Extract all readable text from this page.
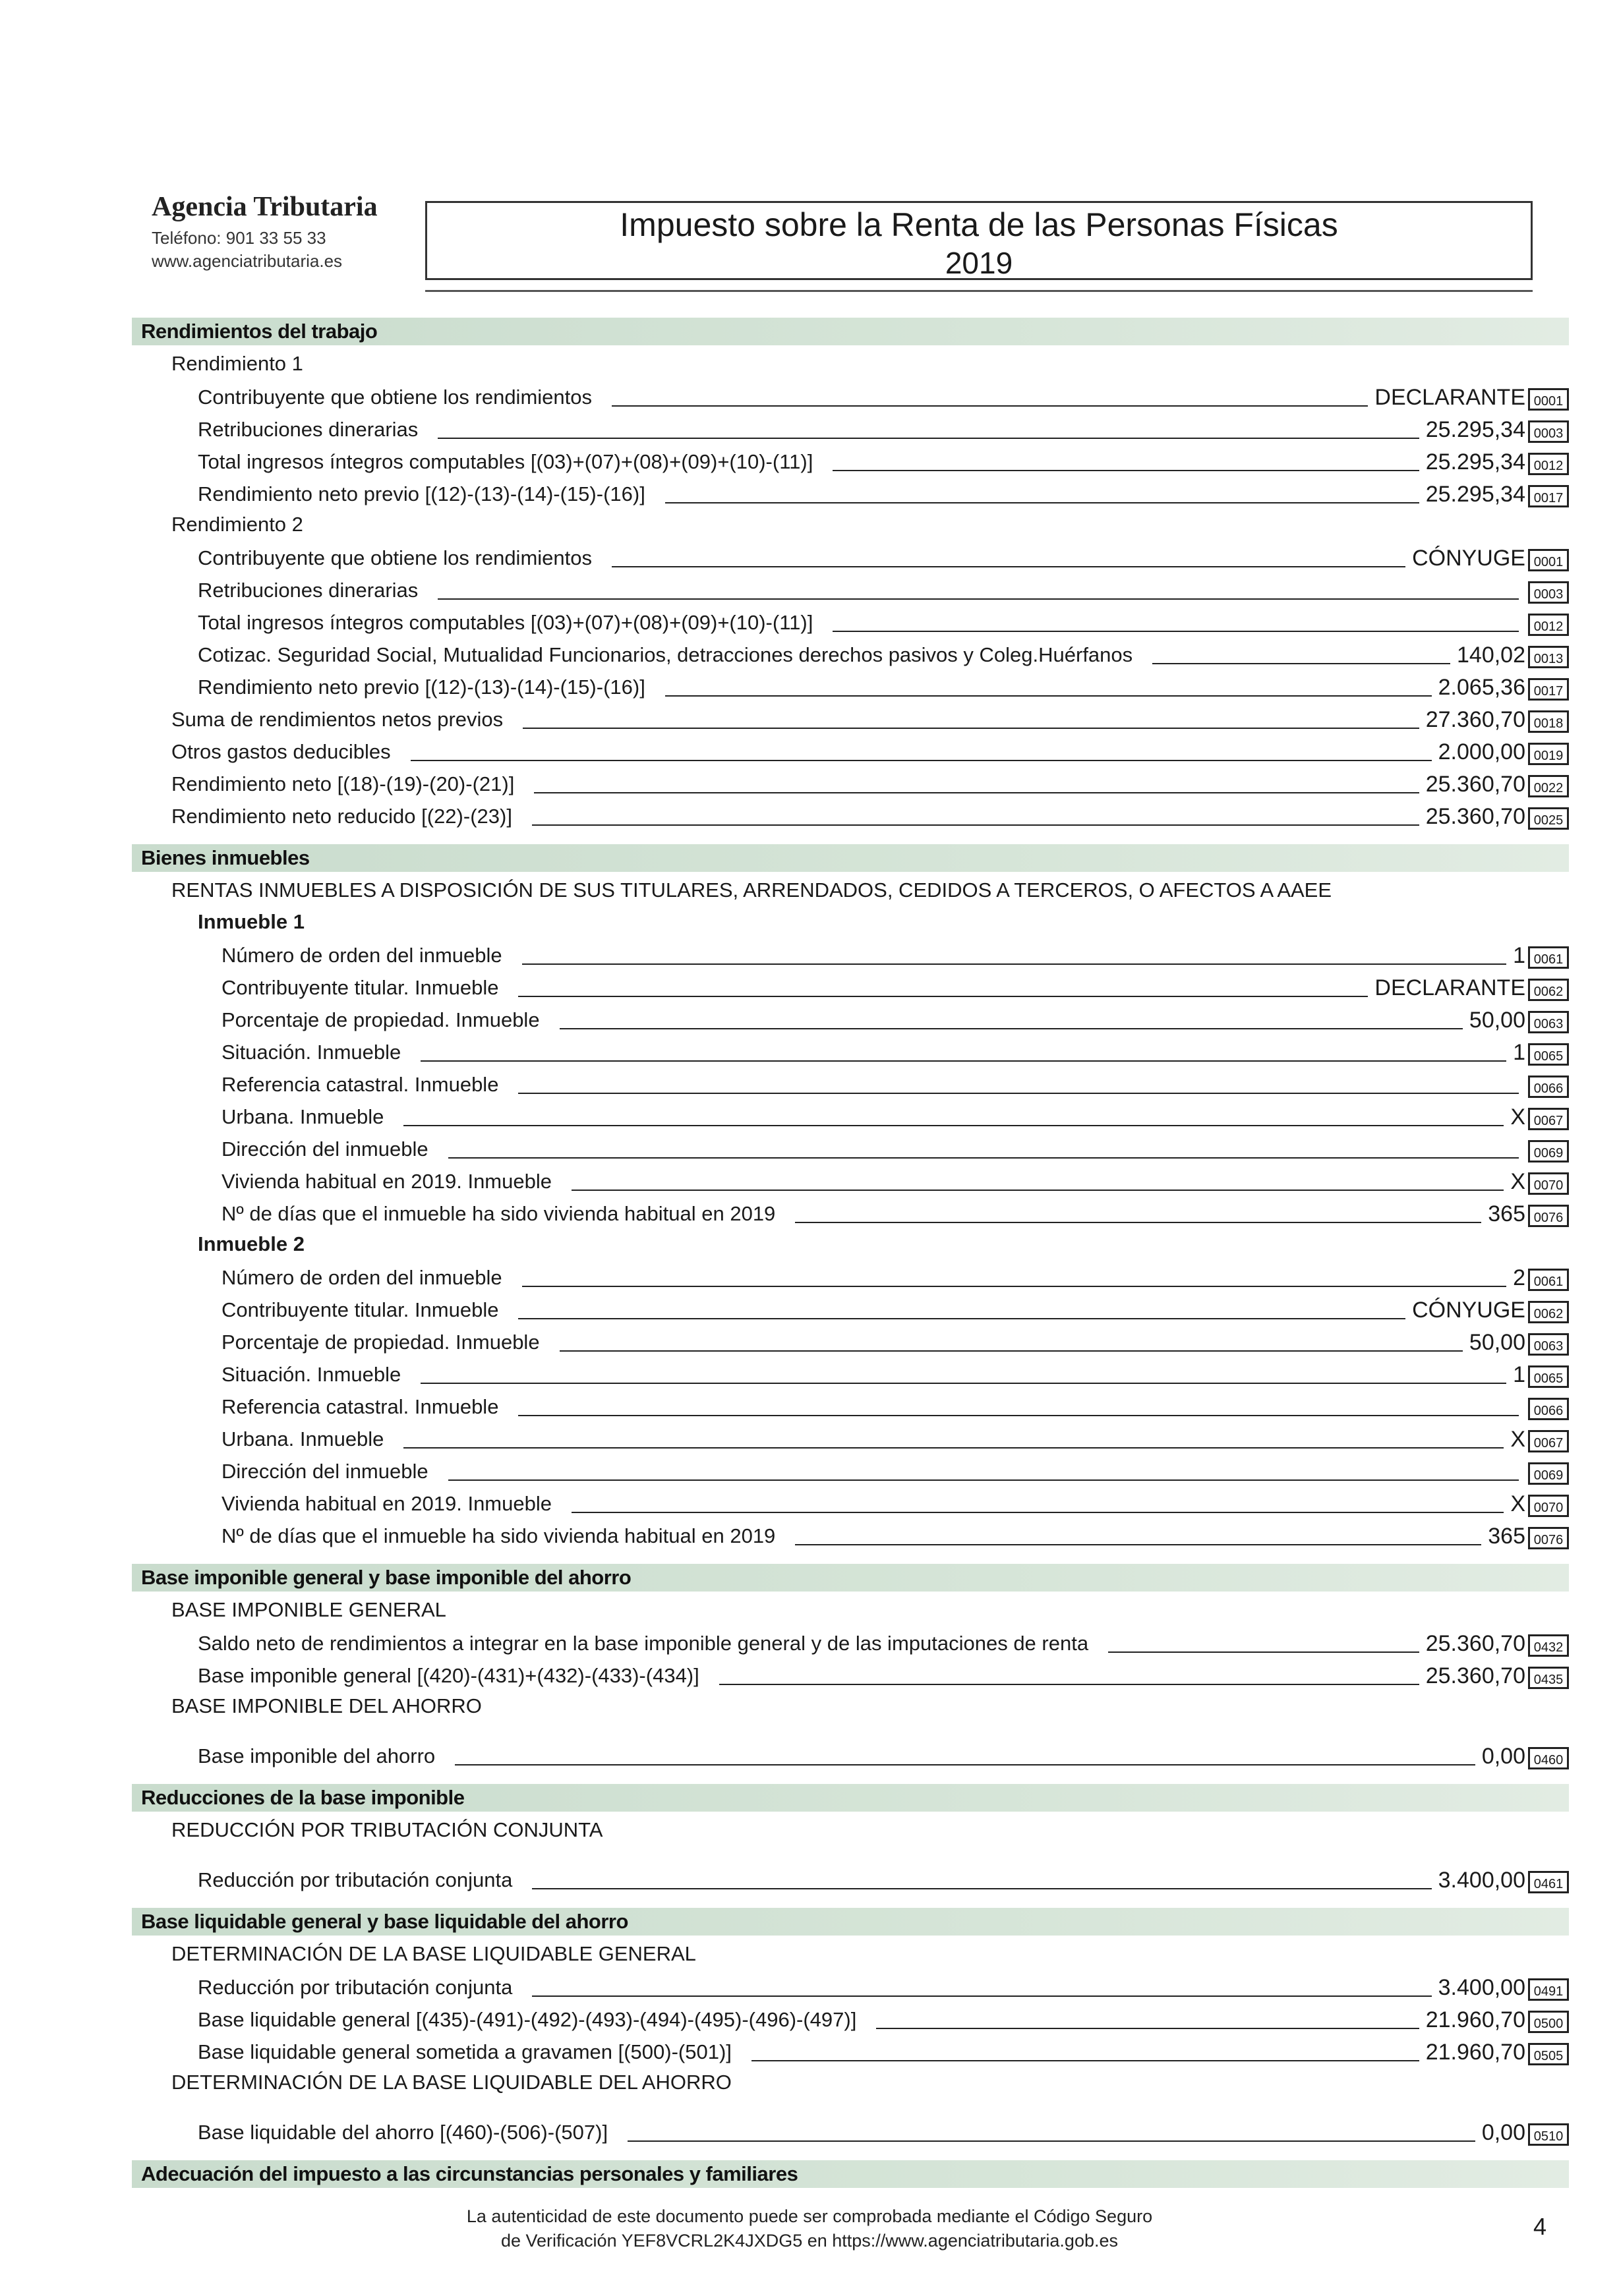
Agencia Tributaria
Teléfono: 901 33 55 33
www.agenciatributaria.es
Impuesto sobre la Renta de las Personas Físicas
2019
Rendimientos del trabajo
Rendimiento 1
Contribuyente que obtiene los rendimientos	DECLARANTE 0001
Retribuciones dinerarias	25.295,34 0003
Total ingresos íntegros computables [(03)+(07)+(08)+(09)+(10)-(11)]	25.295,34 0012
Rendimiento neto previo [(12)-(13)-(14)-(15)-(16)]	25.295,34 0017
Rendimiento 2
Contribuyente que obtiene los rendimientos	CÓNYUGE 0001
Retribuciones dinerarias	0003
Total ingresos íntegros computables [(03)+(07)+(08)+(09)+(10)-(11)]	0012
Cotizac. Seguridad Social, Mutualidad Funcionarios, detracciones derechos pasivos y Coleg.Huérfanos	140,02 0013
Rendimiento neto previo [(12)-(13)-(14)-(15)-(16)]	2.065,36 0017
Suma de rendimientos netos previos	27.360,70 0018
Otros gastos deducibles	2.000,00 0019
Rendimiento neto [(18)-(19)-(20)-(21)]	25.360,70 0022
Rendimiento neto reducido [(22)-(23)]	25.360,70 0025
Bienes inmuebles
RENTAS INMUEBLES A DISPOSICIÓN DE SUS TITULARES, ARRENDADOS, CEDIDOS A TERCEROS, O AFECTOS A AAEE
Inmueble 1
Número de orden del inmueble	1 0061
Contribuyente titular. Inmueble	DECLARANTE 0062
Porcentaje de propiedad. Inmueble	50,00 0063
Situación. Inmueble	1 0065
Referencia catastral. Inmueble	0066
Urbana. Inmueble	X 0067
Dirección del inmueble	0069
Vivienda habitual en 2019. Inmueble	X 0070
Nº de días que el inmueble ha sido vivienda habitual en 2019	365 0076
Inmueble 2
Número de orden del inmueble	2 0061
Contribuyente titular. Inmueble	CÓNYUGE 0062
Porcentaje de propiedad. Inmueble	50,00 0063
Situación. Inmueble	1 0065
Referencia catastral. Inmueble	0066
Urbana. Inmueble	X 0067
Dirección del inmueble	0069
Vivienda habitual en 2019. Inmueble	X 0070
Nº de días que el inmueble ha sido vivienda habitual en 2019	365 0076
Base imponible general y base imponible del ahorro
BASE IMPONIBLE GENERAL
Saldo neto de rendimientos a integrar en la base imponible general y de las imputaciones de renta	25.360,70 0432
Base imponible general [(420)-(431)+(432)-(433)-(434)]	25.360,70 0435
BASE IMPONIBLE DEL AHORRO
Base imponible del ahorro	0,00 0460
Reducciones de la base imponible
REDUCCIÓN POR TRIBUTACIÓN CONJUNTA
Reducción por tributación conjunta	3.400,00 0461
Base liquidable general y base liquidable del ahorro
DETERMINACIÓN DE LA BASE LIQUIDABLE GENERAL
Reducción por tributación conjunta	3.400,00 0491
Base liquidable general [(435)-(491)-(492)-(493)-(494)-(495)-(496)-(497)]	21.960,70 0500
Base liquidable general sometida a gravamen [(500)-(501)]	21.960,70 0505
DETERMINACIÓN DE LA BASE LIQUIDABLE DEL AHORRO
Base liquidable del ahorro [(460)-(506)-(507)]	0,00 0510
Adecuación del impuesto a las circunstancias personales y familiares
La autenticidad de este documento puede ser comprobada mediante el Código Seguro
de Verificación YEF8VCRL2K4JXDG5 en https://www.agenciatributaria.gob.es
4
